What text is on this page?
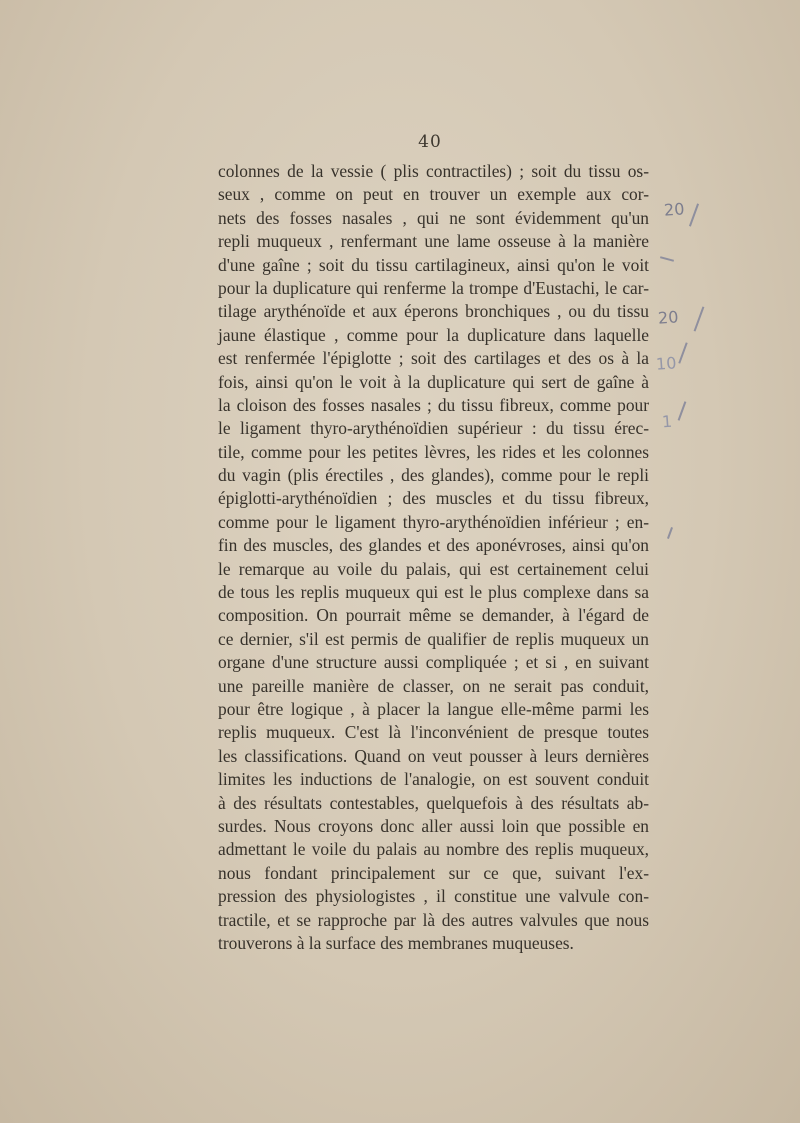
40
colonnes de la vessie ( plis contractiles) ; soit du tissu os-
seux , comme on peut en trouver un exemple aux cor-
nets des fosses nasales , qui ne sont évidemment qu'un
repli muqueux , renfermant une lame osseuse à la manière
d'une gaîne ; soit du tissu cartilagineux, ainsi qu'on le voit
pour la duplicature qui renferme la trompe d'Eustachi, le car-
tilage arythénoïde et aux éperons bronchiques , ou du tissu
jaune élastique , comme pour la duplicature dans laquelle
est renfermée l'épiglotte ; soit des cartilages et des os à la
fois, ainsi qu'on le voit à la duplicature qui sert de gaîne à
la cloison des fosses nasales ; du tissu fibreux, comme pour
le ligament thyro-arythénoïdien supérieur : du tissu érec-
tile, comme pour les petites lèvres, les rides et les colonnes
du vagin (plis érectiles , des glandes), comme pour le repli
épiglotti-arythénoïdien ; des muscles et du tissu fibreux,
comme pour le ligament thyro-arythénoïdien inférieur ; en-
fin des muscles, des glandes et des aponévroses, ainsi qu'on
le remarque au voile du palais, qui est certainement celui
de tous les replis muqueux qui est le plus complexe dans sa
composition. On pourrait même se demander, à l'égard de
ce dernier, s'il est permis de qualifier de replis muqueux un
organe d'une structure aussi compliquée ; et si , en suivant
une pareille manière de classer, on ne serait pas conduit,
pour être logique , à placer la langue elle-même parmi les
replis muqueux. C'est là l'inconvénient de presque toutes
les classifications. Quand on veut pousser à leurs dernières
limites les inductions de l'analogie, on est souvent conduit
à des résultats contestables, quelquefois à des résultats ab-
surdes. Nous croyons donc aller aussi loin que possible en
admettant le voile du palais au nombre des replis muqueux,
nous fondant principalement sur ce que, suivant l'ex-
pression des physiologistes , il constitue une valvule con-
tractile, et se rapproche par là des autres valvules que nous
trouverons à la surface des membranes muqueuses.
20
20
10
1
